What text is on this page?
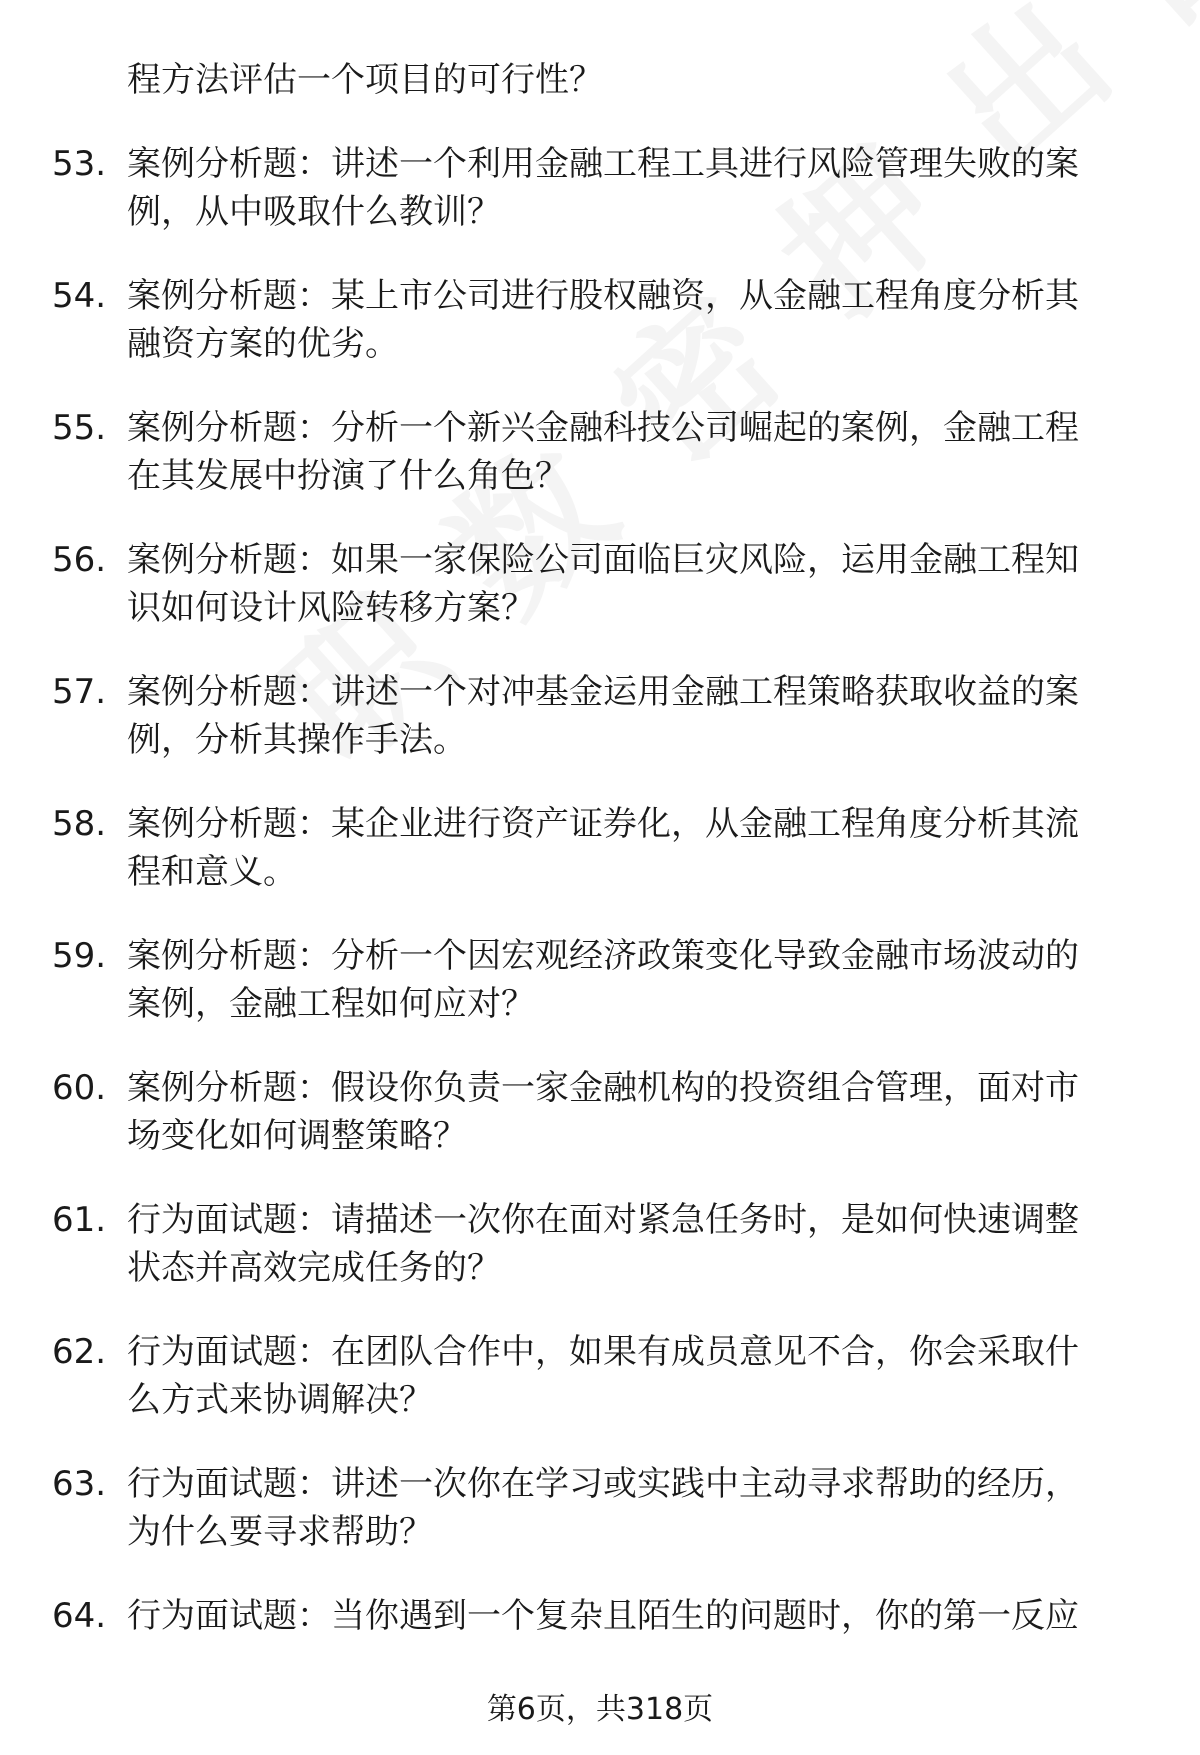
程方法评估一个项目的可行性？
53. 案例分析题：讲述一个利用金融工程工具进行风险管理失败的案
例，从中吸取什么教训？

54. 案例分析题：某上市公司进行股权融资，从金融工程角度分析其
融资方案的优劣。

55. 案例分析题：分析一个新兴金融科技公司崛起的案例，金融工程
在其发展中扮演了什么角色？

56. 案例分析题：如果一家保险公司面临巨灾风险，运用金融工程知
识如何设计风险转移方案？

57. 案例分析题：讲述一个对冲基金运用金融工程策略获取收益的案
例，分析其操作手法。

58. 案例分析题：某企业进行资产证券化，从金融工程角度分析其流
程和意义。

59. 案例分析题：分析一个因宏观经济政策变化导致金融市场波动的
案例，金融工程如何应对？

60. 案例分析题：假设你负责一家金融机构的投资组合管理，面对市
场变化如何调整策略？

61. 行为面试题：请描述一次你在面对紧急任务时，是如何快速调整
状态并高效完成任务的？

62. 行为面试题：在团队合作中，如果有成员意见不合，你会采取什
么方式来协调解决？

63. 行为面试题：讲述一次你在学习或实践中主动寻求帮助的经历，
为什么要寻求帮助？

64. 行为面试题：当你遇到一个复杂且陌生的问题时，你的第一反应

第6页，共318页
